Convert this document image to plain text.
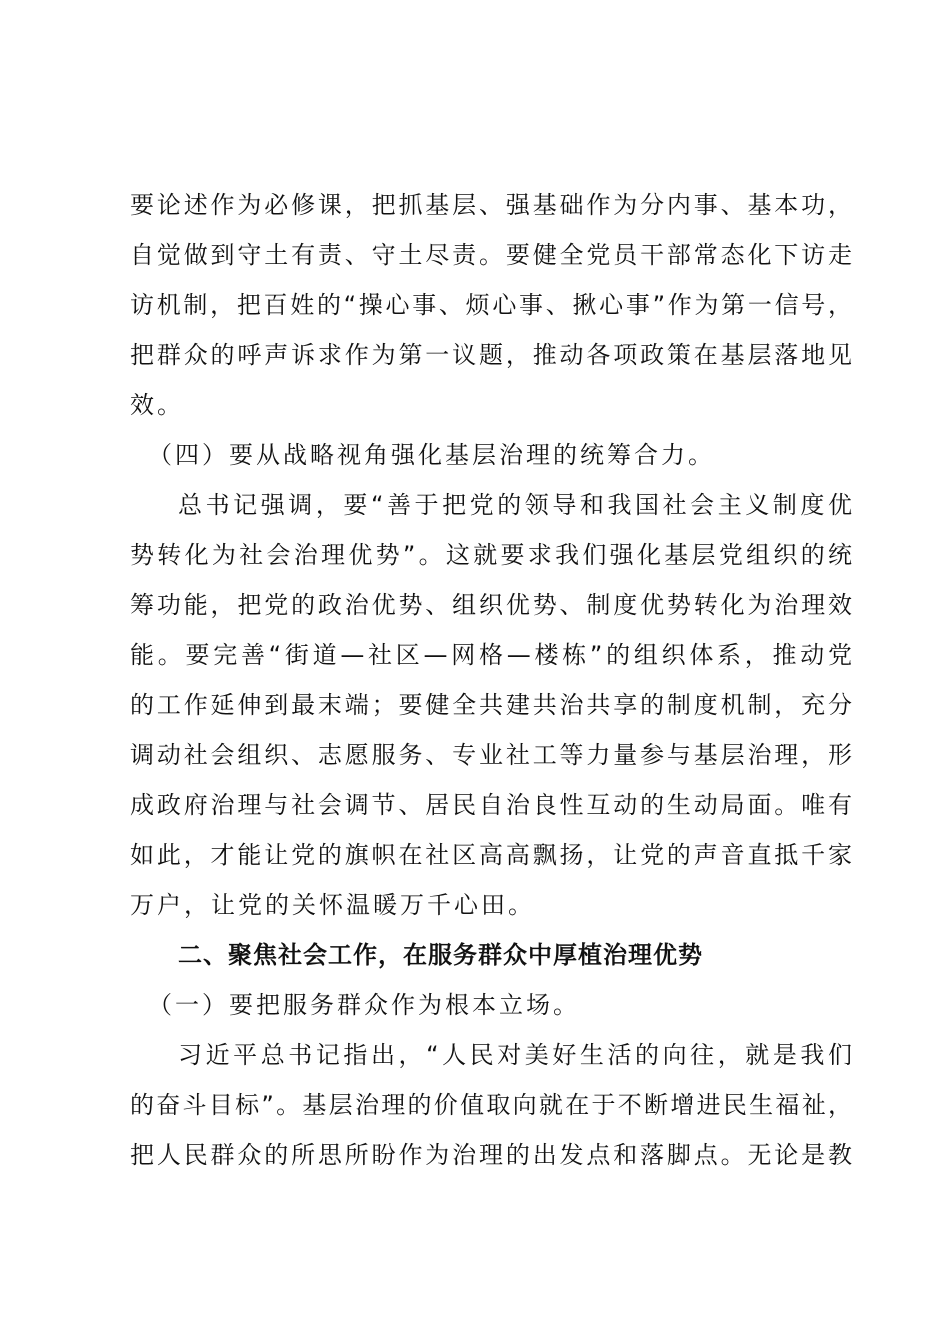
要论述作为必修课，把抓基层、强基础作为分内事、基本功，
自觉做到守土有责、守土尽责。要健全党员干部常态化下访走
访机制，把百姓的“操心事、烦心事、揪心事”作为第一信号，
把群众的呼声诉求作为第一议题，推动各项政策在基层落地见
效。
（四）要从战略视角强化基层治理的统筹合力。
总书记强调，要“善于把党的领导和我国社会主义制度优
势转化为社会治理优势”。这就要求我们强化基层党组织的统
筹功能，把党的政治优势、组织优势、制度优势转化为治理效
能。要完善“街道—社区—网格—楼栋”的组织体系，推动党
的工作延伸到最末端；要健全共建共治共享的制度机制，充分
调动社会组织、志愿服务、专业社工等力量参与基层治理，形
成政府治理与社会调节、居民自治良性互动的生动局面。唯有
如此，才能让党的旗帜在社区高高飘扬，让党的声音直抵千家
万户，让党的关怀温暖万千心田。
二、聚焦社会工作，在服务群众中厚植治理优势
（一）要把服务群众作为根本立场。
习近平总书记指出，“人民对美好生活的向往，就是我们
的奋斗目标”。基层治理的价值取向就在于不断增进民生福祉，
把人民群众的所思所盼作为治理的出发点和落脚点。无论是教
